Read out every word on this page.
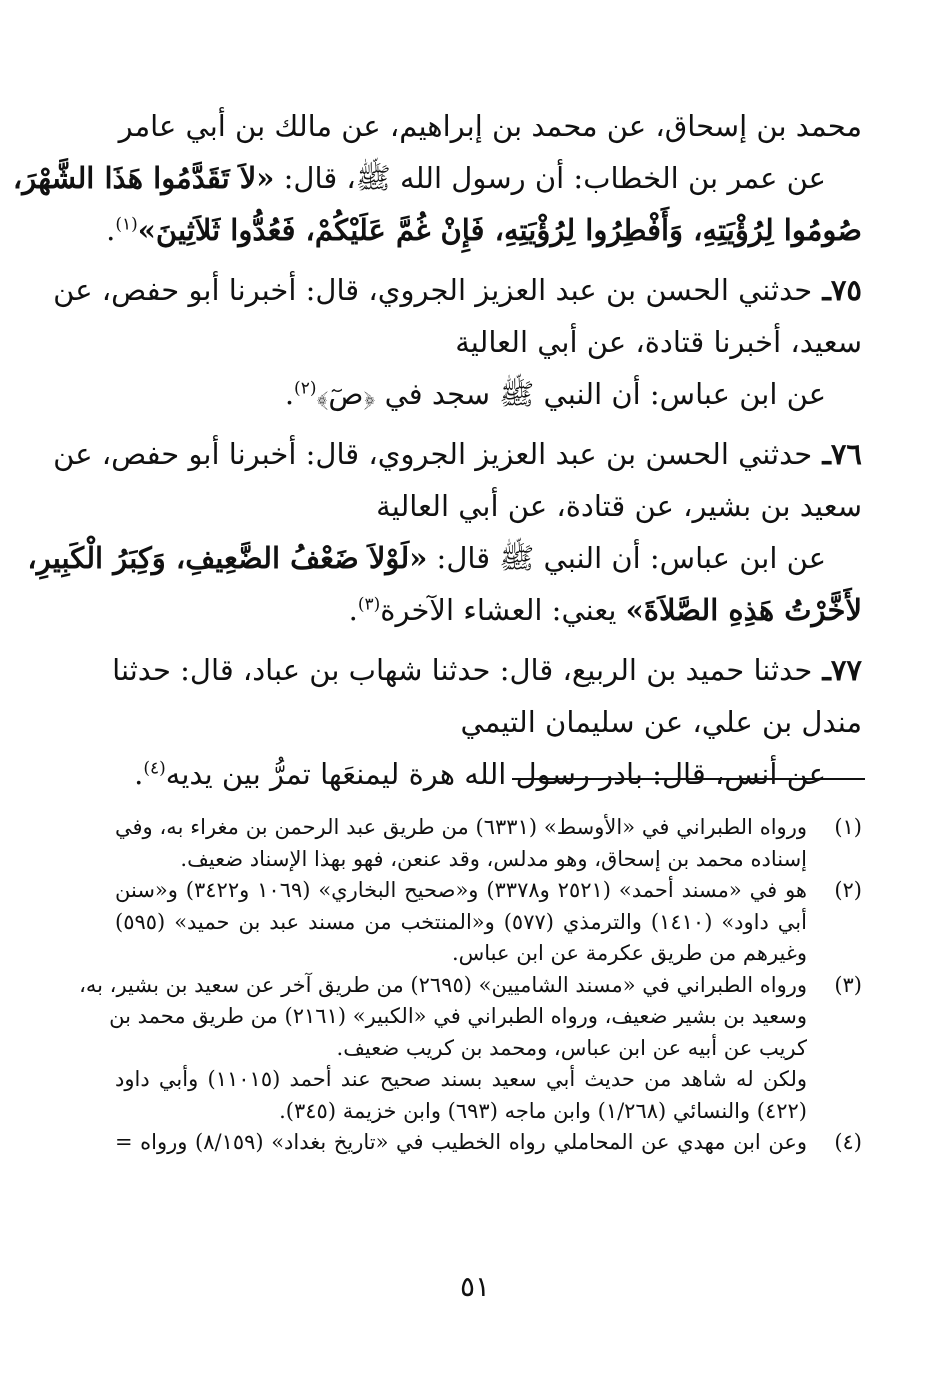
محمد بن إسحاق، عن محمد بن إبراهيم، عن مالك بن أبي عامر
عن عمر بن الخطاب: أن رسول الله ﷺ، قال: «لاَ تَقَدَّمُوا هَذَا الشَّهْرَ،
صُومُوا لِرُؤْيَتِهِ، وَأَفْطِرُوا لِرُؤْيَتِهِ، فَإِنْ غُمَّ عَلَيْكُمْ، فَعُدُّوا ثَلاَثِينَ»$^{(١)}$.
٧٥ـ حدثني الحسن بن عبد العزيز الجروي، قال: أخبرنا أبو حفص، عن
سعيد، أخبرنا قتادة، عن أبي العالية
عن ابن عباس: أن النبي ﷺ سجد في ﴿صٓ﴾$^{(٢)}$.
٧٦ـ حدثني الحسن بن عبد العزيز الجروي، قال: أخبرنا أبو حفص، عن
سعيد بن بشير، عن قتادة، عن أبي العالية
عن ابن عباس: أن النبي ﷺ قال: «لَوْلاَ ضَعْفُ الضَّعِيفِ، وَكِبَرُ الْكَبِيرِ،
لأَخَّرْتُ هَذِهِ الصَّلاَةَ» يعني: العشاء الآخرة$^{(٣)}$.
٧٧ـ حدثنا حميد بن الربيع، قال: حدثنا شهاب بن عباد، قال: حدثنا
مندل بن علي، عن سليمان التيمي
عن أنس، قال: بادر رسول الله هرة ليمنعَها تمرُّ بين يديه$^{(٤)}$.
(١)
ورواه الطبراني في «الأوسط» (٦٣٣١) من طريق عبد الرحمن بن مغراء به، وفي
إسناده محمد بن إسحاق، وهو مدلس، وقد عنعن، فهو بهذا الإسناد ضعيف.
(٢)
هو في «مسند أحمد» (٢٥٢١ و٣٣٧٨) و«صحيح البخاري» (١٠٦٩ و٣٤٢٢) و«سنن
أبي داود» (١٤١٠) والترمذي (٥٧٧) و«المنتخب من مسند عبد بن حميد» (٥٩٥)
وغيرهم من طريق عكرمة عن ابن عباس.
(٣)
ورواه الطبراني في «مسند الشاميين» (٢٦٩٥) من طريق آخر عن سعيد بن بشير، به،
وسعيد بن بشير ضعيف، ورواه الطبراني في «الكبير» (٢١٦١) من طريق محمد بن
كريب عن أبيه عن ابن عباس، ومحمد بن كريب ضعيف.
ولكن له شاهد من حديث أبي سعيد بسند صحيح عند أحمد (١١٠١٥) وأبي داود
(٤٢٢) والنسائي (١/٢٦٨) وابن ماجه (٦٩٣) وابن خزيمة (٣٤٥).
(٤)
وعن ابن مهدي عن المحاملي رواه الخطيب في «تاريخ بغداد» (٨/١٥٩) ورواه =
٥١
